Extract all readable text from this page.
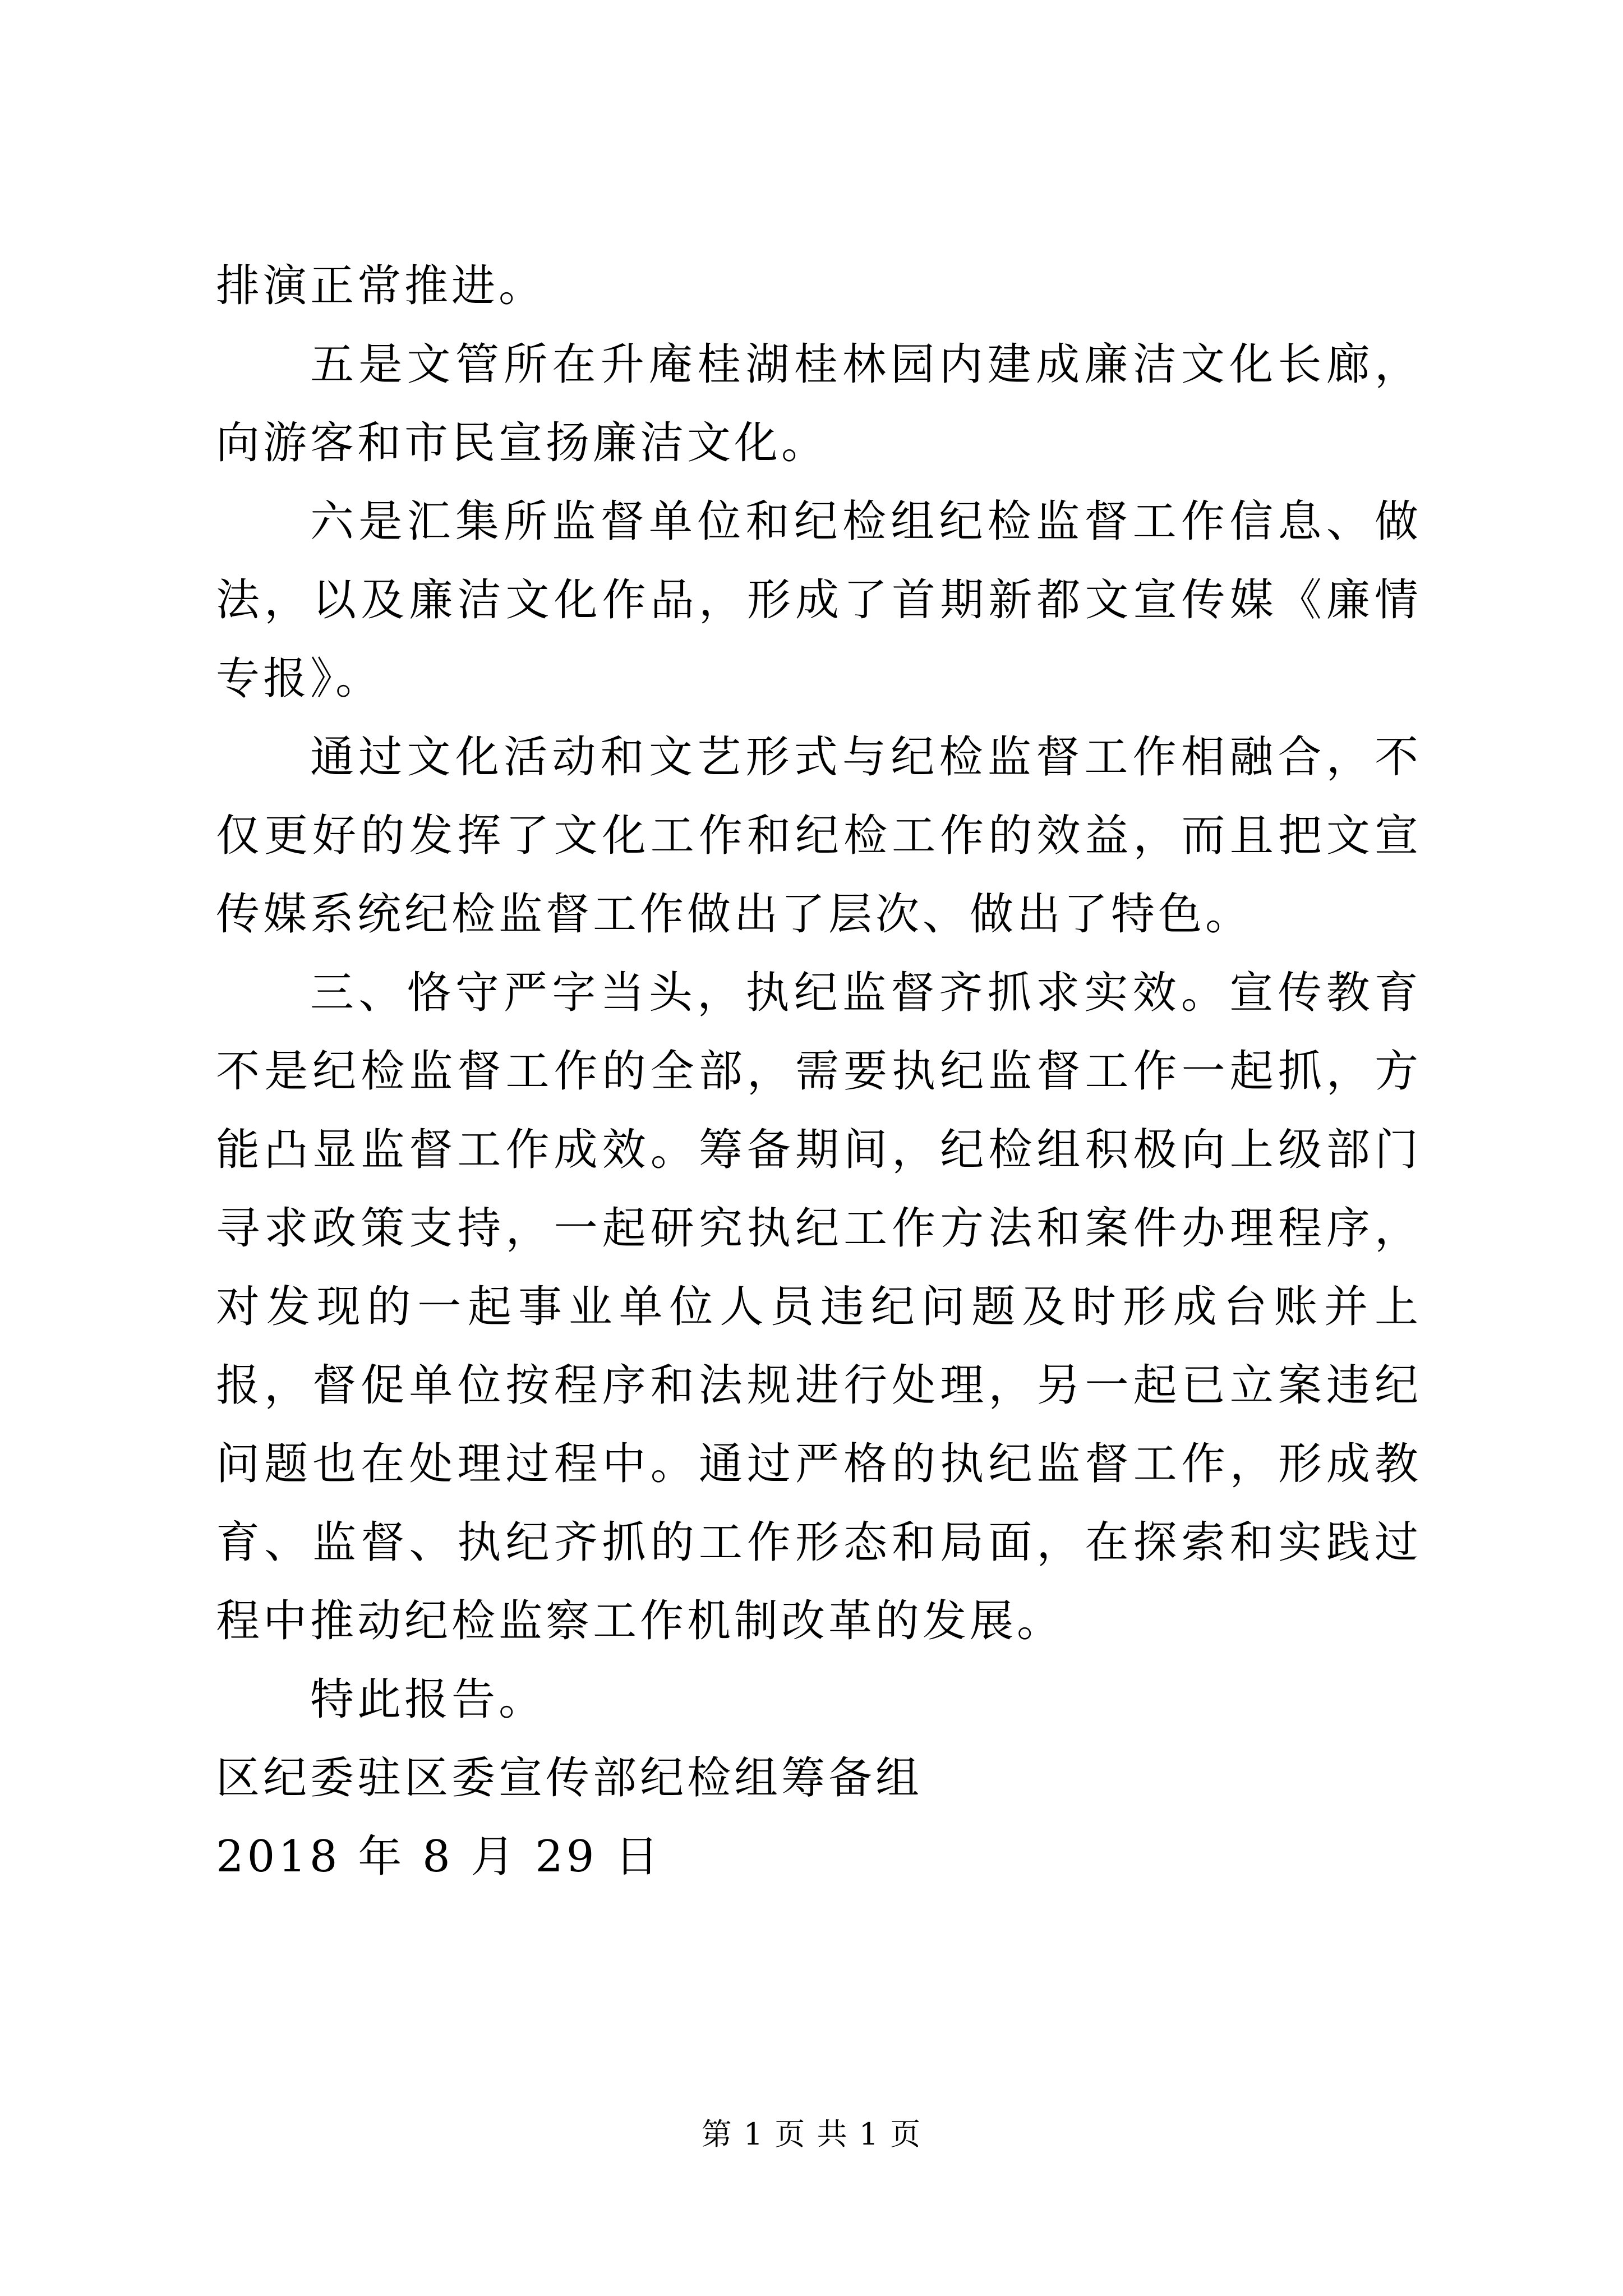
排演正常推进。

五是文管所在升庵桂湖桂林园内建成廉洁文化长廊，向游客和市民宣扬廉洁文化。

六是汇集所监督单位和纪检组纪检监督工作信息、做法，以及廉洁文化作品，形成了首期新都文宣传媒《廉情专报》。

通过文化活动和文艺形式与纪检监督工作相融合，不仅更好的发挥了文化工作和纪检工作的效益，而且把文宣传媒系统纪检监督工作做出了层次、做出了特色。

三、恪守严字当头，执纪监督齐抓求实效。宣传教育不是纪检监督工作的全部，需要执纪监督工作一起抓，方能凸显监督工作成效。筹备期间，纪检组积极向上级部门寻求政策支持，一起研究执纪工作方法和案件办理程序，对发现的一起事业单位人员违纪问题及时形成台账并上报，督促单位按程序和法规进行处理，另一起已立案违纪问题也在处理过程中。通过严格的执纪监督工作，形成教育、监督、执纪齐抓的工作形态和局面，在探索和实践过程中推动纪检监察工作机制改革的发展。

特此报告。

区纪委驻区委宣传部纪检组筹备组

2018 年 8 月 29 日

第 1 页 共 1 页
